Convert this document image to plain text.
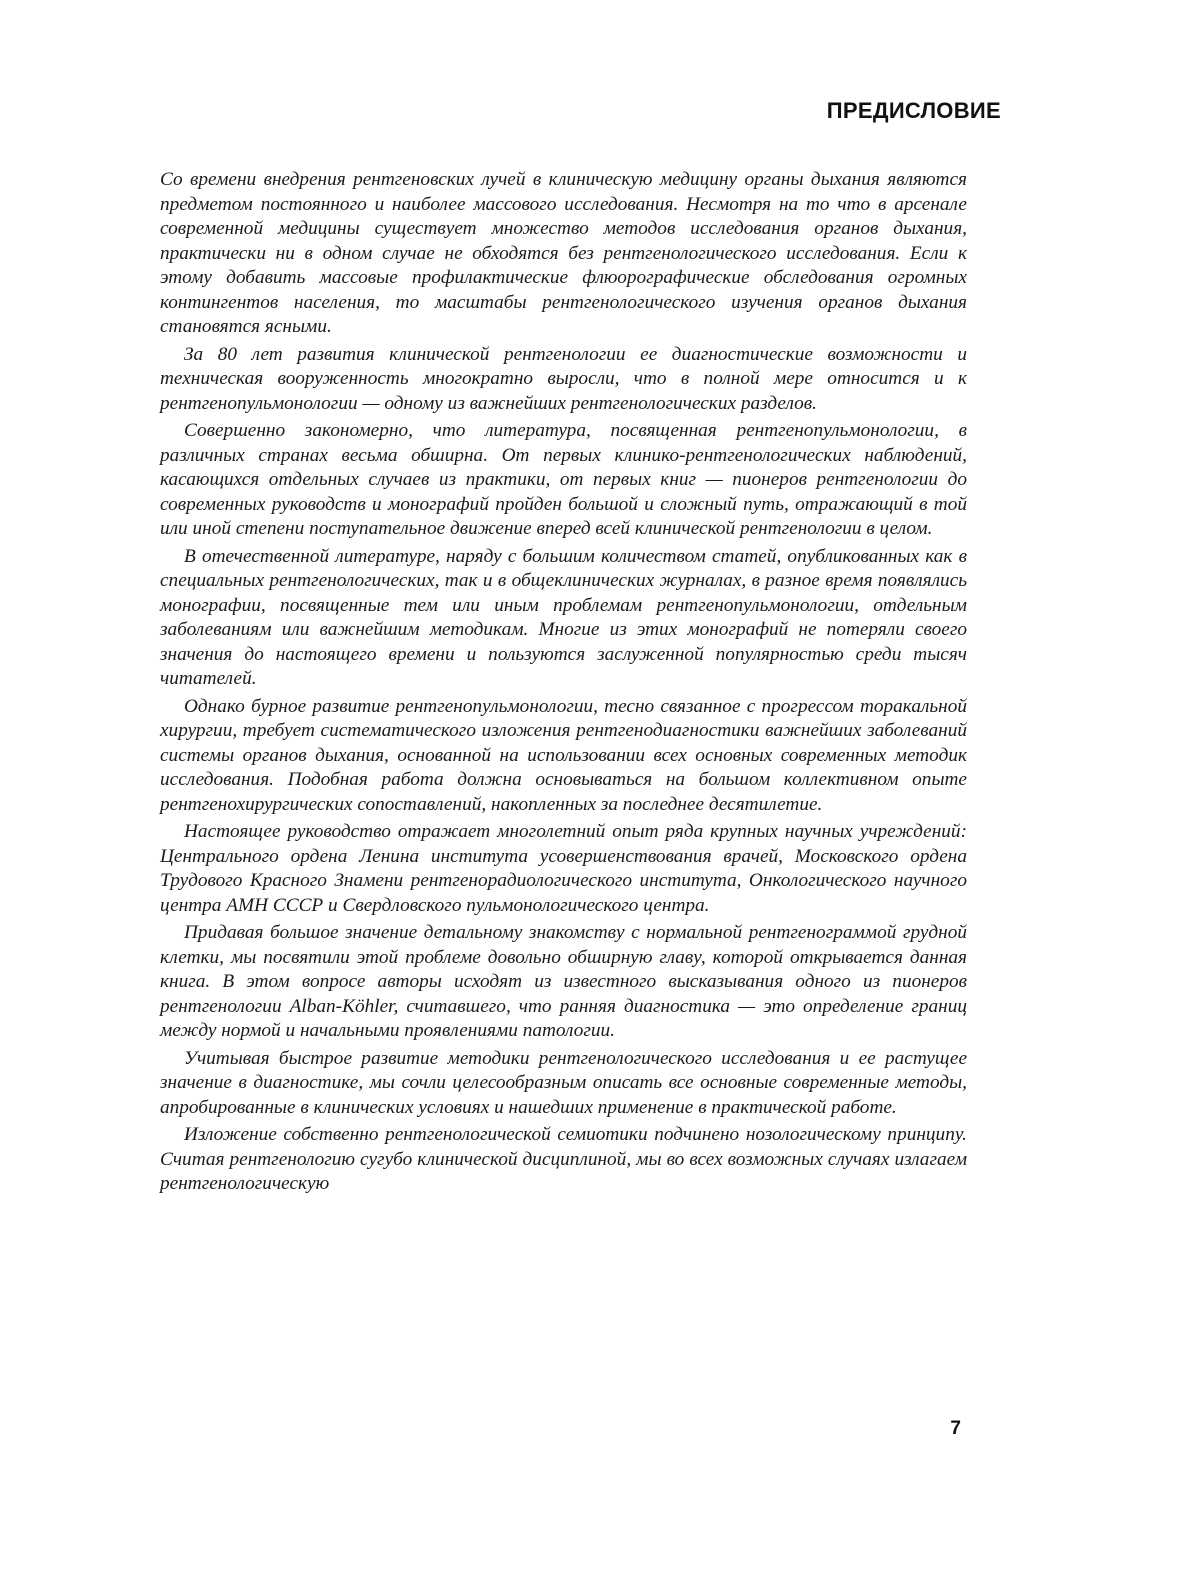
ПРЕДИСЛОВИЕ

Со времени внедрения рентгеновских лучей в клиническую медицину органы дыхания являются предметом постоянного и наиболее массового исследования. Несмотря на то что в арсенале современной медицины существует множество методов исследования органов дыхания, практически ни в одном случае не обходятся без рентгенологического исследования. Если к этому добавить массовые профилактические флюорографические обследования огромных контингентов населения, то масштабы рентгенологического изучения органов дыхания становятся ясными.

За 80 лет развития клинической рентгенологии ее диагностические возможности и техническая вооруженность многократно выросли, что в полной мере относится и к рентгенопульмонологии — одному из важнейших рентгенологических разделов.

Совершенно закономерно, что литература, посвященная рентгенопульмонологии, в различных странах весьма обширна. От первых клинико-рентгенологических наблюдений, касающихся отдельных случаев из практики, от первых книг — пионеров рентгенологии до современных руководств и монографий пройден большой и сложный путь, отражающий в той или иной степени поступательное движение вперед всей клинической рентгенологии в целом.

В отечественной литературе, наряду с большим количеством статей, опубликованных как в специальных рентгенологических, так и в общеклинических журналах, в разное время появлялись монографии, посвященные тем или иным проблемам рентгенопульмонологии, отдельным заболеваниям или важнейшим методикам. Многие из этих монографий не потеряли своего значения до настоящего времени и пользуются заслуженной популярностью среди тысяч читателей.

Однако бурное развитие рентгенопульмонологии, тесно связанное с прогрессом торакальной хирургии, требует систематического изложения рентгенодиагностики важнейших заболеваний системы органов дыхания, основанной на использовании всех основных современных методик исследования. Подобная работа должна основываться на большом коллективном опыте рентгенохирургических сопоставлений, накопленных за последнее десятилетие.

Настоящее руководство отражает многолетний опыт ряда крупных научных учреждений: Центрального ордена Ленина института усовершенствования врачей, Московского ордена Трудового Красного Знамени рентгенорадиологического института, Онкологического научного центра АМН СССР и Свердловского пульмонологического центра.

Придавая большое значение детальному знакомству с нормальной рентгенограммой грудной клетки, мы посвятили этой проблеме довольно обширную главу, которой открывается данная книга. В этом вопросе авторы исходят из известного высказывания одного из пионеров рентгенологии Alban-Köhler, считавшего, что ранняя диагностика — это определение границ между нормой и начальными проявлениями патологии.

Учитывая быстрое развитие методики рентгенологического исследования и ее растущее значение в диагностике, мы сочли целесообразным описать все основные современные методы, апробированные в клинических условиях и нашедших применение в практической работе.

Изложение собственно рентгенологической семиотики подчинено нозологическому принципу. Считая рентгенологию сугубо клинической дисциплиной, мы во всех возможных случаях излагаем рентгенологическую

7
